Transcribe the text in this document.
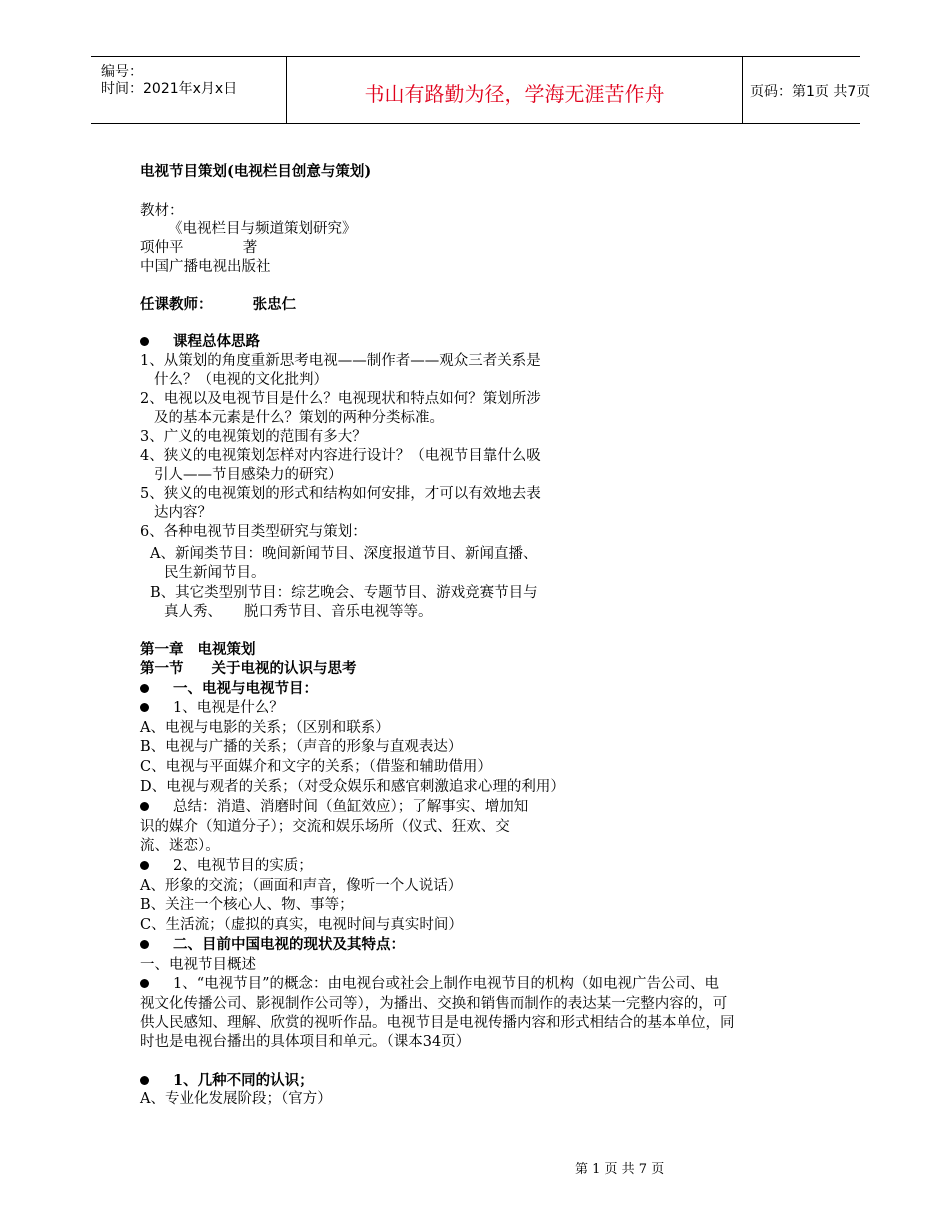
编号：
时间：2021年x月x日	书山有路勤为径，学海无涯苦作舟	页码：第1页 共7页
电视节目策划(电视栏目创意与策划)
教材：
《电视栏目与频道策划研究》
项仲平	著
中国广播电视出版社
任课教师：	张忠仁
课程总体思路
1、从策划的角度重新思考电视——制作者——观众三者关系是
什么？（电视的文化批判）
2、电视以及电视节目是什么？电视现状和特点如何？策划所涉
及的基本元素是什么？策划的两种分类标准。
3、广义的电视策划的范围有多大？
4、狭义的电视策划怎样对内容进行设计？（电视节目靠什么吸
引人——节目感染力的研究）
5、狭义的电视策划的形式和结构如何安排，才可以有效地去表
达内容？
6、各种电视节目类型研究与策划：
A、新闻类节目：晚间新闻节目、深度报道节目、新闻直播、
民生新闻节目。
B、其它类型别节目：综艺晚会、专题节目、游戏竞赛节目与
真人秀、 脱口秀节目、音乐电视等等。
第一章 电视策划
第一节 关于电视的认识与思考
一、电视与电视节目：
1、电视是什么？
A、电视与电影的关系；（区别和联系）
B、电视与广播的关系；（声音的形象与直观表达）
C、电视与平面媒介和文字的关系；（借鉴和辅助借用）
D、电视与观者的关系；（对受众娱乐和感官刺激追求心理的利用）
总结：消遣、消磨时间（鱼缸效应）；了解事实、增加知
识的媒介（知道分子）；交流和娱乐场所（仪式、狂欢、交
流、迷恋）。
2、电视节目的实质；
A、形象的交流；（画面和声音，像听一个人说话）
B、关注一个核心人、物、事等；
C、生活流；（虚拟的真实，电视时间与真实时间）
二、目前中国电视的现状及其特点：
一、电视节目概述
1、“电视节目”的概念：由电视台或社会上制作电视节目的机构（如电视广告公司、电
视文化传播公司、影视制作公司等），为播出、交换和销售而制作的表达某一完整内容的，可
供人民感知、理解、欣赏的视听作品。电视节目是电视传播内容和形式相结合的基本单位，同
时也是电视台播出的具体项目和单元。（课本34页）
1、几种不同的认识；
A、专业化发展阶段；（官方）
第 1 页 共 7 页
